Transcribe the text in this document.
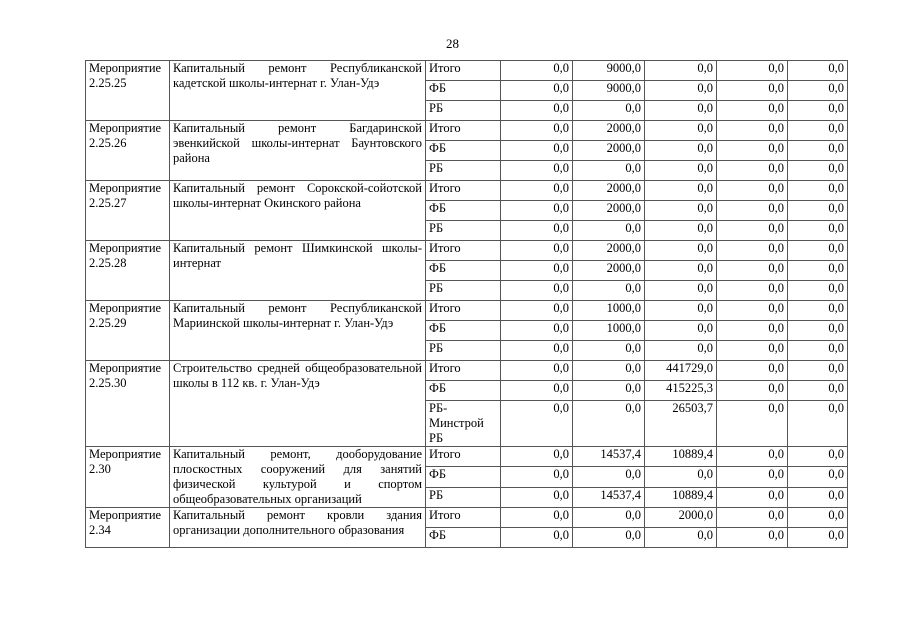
28
Мероприятие 2.25.25	Капитальный ремонт Республиканской кадетской школы-интернат г. Улан-Удэ	Итого	0,0	9000,0	0,0	0,0	0,0
		ФБ	0,0	9000,0	0,0	0,0	0,0
		РБ	0,0	0,0	0,0	0,0	0,0
Мероприятие 2.25.26	Капитальный ремонт Багдаринской эвенкийской школы-интернат Баунтовского района	Итого	0,0	2000,0	0,0	0,0	0,0
		ФБ	0,0	2000,0	0,0	0,0	0,0
		РБ	0,0	0,0	0,0	0,0	0,0
Мероприятие 2.25.27	Капитальный ремонт Сорокской-сойотской школы-интернат Окинского района	Итого	0,0	2000,0	0,0	0,0	0,0
		ФБ	0,0	2000,0	0,0	0,0	0,0
		РБ	0,0	0,0	0,0	0,0	0,0
Мероприятие 2.25.28	Капитальный ремонт Шимкинской школы-интернат	Итого	0,0	2000,0	0,0	0,0	0,0
		ФБ	0,0	2000,0	0,0	0,0	0,0
		РБ	0,0	0,0	0,0	0,0	0,0
Мероприятие 2.25.29	Капитальный ремонт Республиканской Мариинской школы-интернат г. Улан-Удэ	Итого	0,0	1000,0	0,0	0,0	0,0
		ФБ	0,0	1000,0	0,0	0,0	0,0
		РБ	0,0	0,0	0,0	0,0	0,0
Мероприятие 2.25.30	Строительство средней общеобразовательной школы в 112 кв. г. Улан-Удэ	Итого	0,0	0,0	441729,0	0,0	0,0
		ФБ	0,0	0,0	415225,3	0,0	0,0
		РБ-Минстрой РБ	0,0	0,0	26503,7	0,0	0,0
Мероприятие 2.30	Капитальный ремонт, дооборудование плоскостных сооружений для занятий физической культурой и спортом общеобразовательных организаций	Итого	0,0	14537,4	10889,4	0,0	0,0
		ФБ	0,0	0,0	0,0	0,0	0,0
		РБ	0,0	14537,4	10889,4	0,0	0,0
Мероприятие 2.34	Капитальный ремонт кровли здания организации дополнительного образования	Итого	0,0	0,0	2000,0	0,0	0,0
		ФБ	0,0	0,0	0,0	0,0	0,0
